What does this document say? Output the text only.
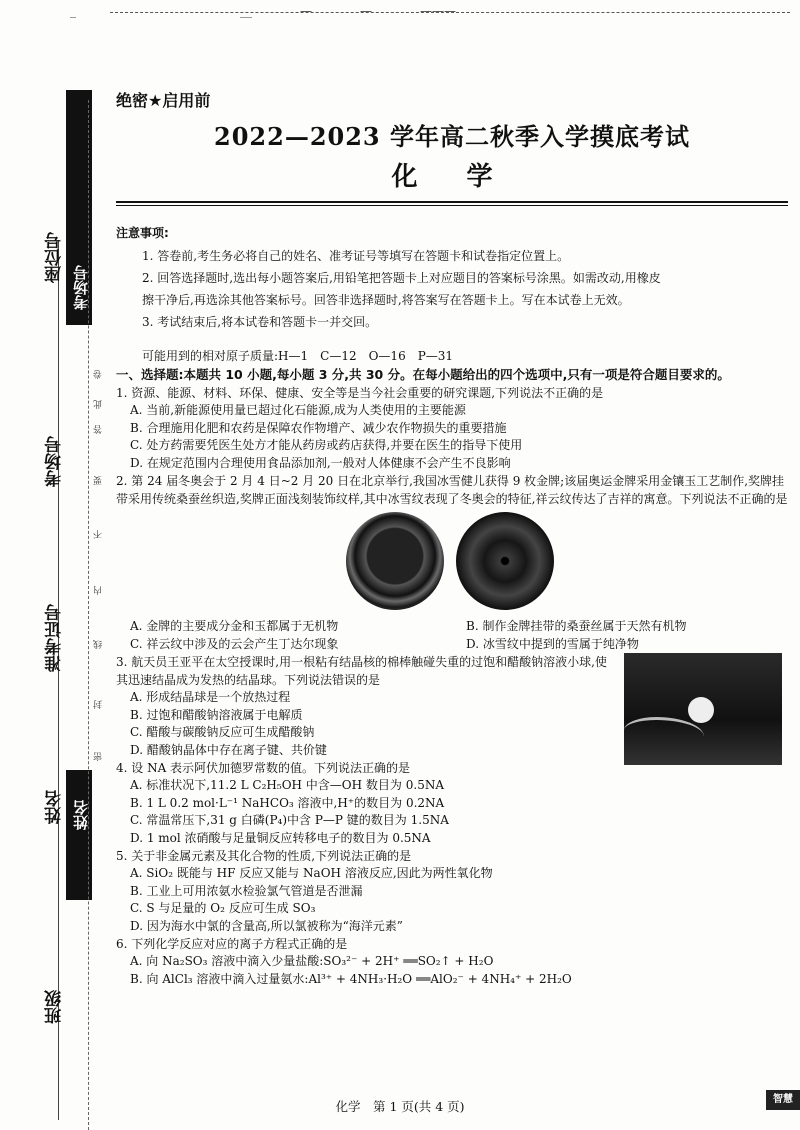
座位号
考场号
准考证号
姓名
班级
考场号
姓名
卷
此
答
要
不
内
线
封
密

绝密★启用前

2022—2023 学年高二秋季入学摸底考试
化 学
注意事项:
1. 答卷前,考生务必将自己的姓名、准考证号等填写在答题卡和试卷指定位置上。
2. 回答选择题时,选出每小题答案后,用铅笔把答题卡上对应题目的答案标号涂黑。如需改动,用橡皮
擦干净后,再选涂其他答案标号。回答非选择题时,将答案写在答题卡上。写在本试卷上无效。
3. 考试结束后,将本试卷和答题卡一并交回。
可能用到的相对原子质量:H—1　C—12　O—16　P—31
一、选择题:本题共 10 小题,每小题 3 分,共 30 分。在每小题给出的四个选项中,只有一项是符合题目要求的。
1. 资源、能源、材料、环保、健康、安全等是当今社会重要的研究课题,下列说法不正确的是
A. 当前,新能源使用量已超过化石能源,成为人类使用的主要能源
B. 合理施用化肥和农药是保障农作物增产、减少农作物损失的重要措施
C. 处方药需要凭医生处方才能从药房或药店获得,并要在医生的指导下使用
D. 在规定范围内合理使用食品添加剂,一般对人体健康不会产生不良影响
2. 第 24 届冬奥会于 2 月 4 日~2 月 20 日在北京举行,我国冰雪健儿获得 9 枚金牌;该届奥运金牌采用金镶玉工艺制作,奖牌挂带采用传统桑蚕丝织造,奖牌正面浅刻装饰纹样,其中冰雪纹表现了冬奥会的特征,祥云纹传达了吉祥的寓意。下列说法不正确的是
A. 金牌的主要成分金和玉都属于无机物	B. 制作金牌挂带的桑蚕丝属于天然有机物
C. 祥云纹中涉及的云会产生丁达尔现象	D. 冰雪纹中提到的雪属于纯净物
3. 航天员王亚平在太空授课时,用一根粘有结晶核的棉棒触碰失重的过饱和醋酸钠溶液小球,使其迅速结晶成为发热的结晶球。下列说法错误的是
A. 形成结晶球是一个放热过程
B. 过饱和醋酸钠溶液属于电解质
C. 醋酸与碳酸钠反应可生成醋酸钠
D. 醋酸钠晶体中存在离子键、共价键
4. 设 NA 表示阿伏加德罗常数的值。下列说法正确的是
A. 标准状况下,11.2 L C₂H₅OH 中含—OH 数目为 0.5NA
B. 1 L 0.2 mol·L⁻¹ NaHCO₃ 溶液中,H⁺的数目为 0.2NA
C. 常温常压下,31 g 白磷(P₄)中含 P—P 键的数目为 1.5NA
D. 1 mol 浓硝酸与足量铜反应转移电子的数目为 0.5NA
5. 关于非金属元素及其化合物的性质,下列说法正确的是
A. SiO₂ 既能与 HF 反应又能与 NaOH 溶液反应,因此为两性氧化物
B. 工业上可用浓氨水检验氯气管道是否泄漏
C. S 与足量的 O₂ 反应可生成 SO₃
D. 因为海水中氯的含量高,所以氯被称为“海洋元素”
6. 下列化学反应对应的离子方程式正确的是
A. 向 Na₂SO₃ 溶液中滴入少量盐酸:SO₃²⁻ + 2H⁺ ══SO₂↑ + H₂O
B. 向 AlCl₃ 溶液中滴入过量氨水:Al³⁺ + 4NH₃·H₂O ══AlO₂⁻ + 4NH₄⁺ + 2H₂O
化学　第 1 页(共 4 页)	智慧
_	__	—	—	———
